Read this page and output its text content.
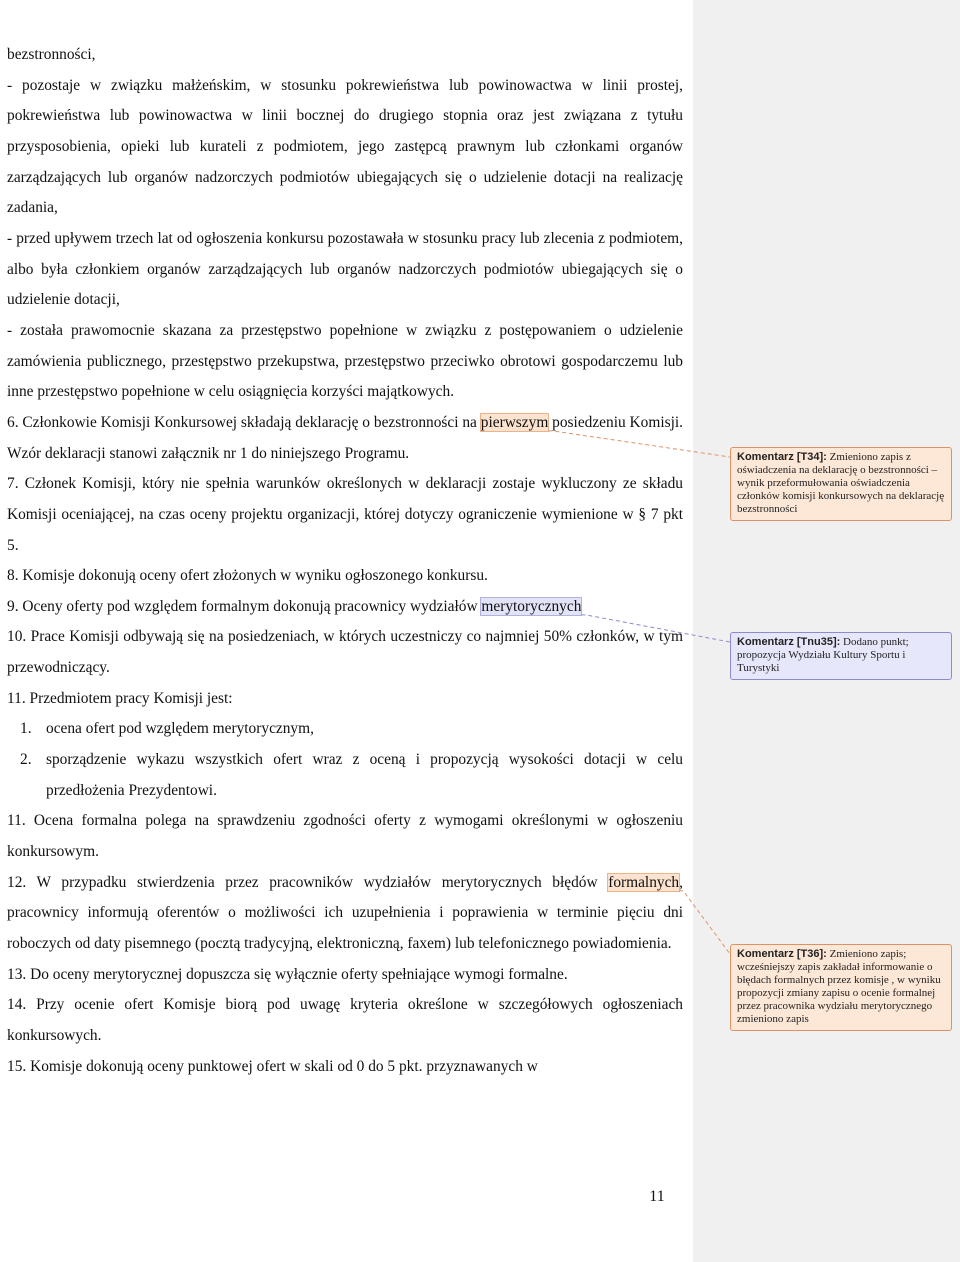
bezstronności,

- pozostaje w związku małżeńskim, w stosunku pokrewieństwa lub powinowactwa w linii prostej, pokrewieństwa lub powinowactwa w linii bocznej do drugiego stopnia oraz jest związana z tytułu przysposobienia, opieki lub kurateli z podmiotem, jego zastępcą prawnym lub członkami organów zarządzających lub organów nadzorczych podmiotów ubiegających się o udzielenie dotacji na realizację zadania,

- przed upływem trzech lat od ogłoszenia konkursu pozostawała w stosunku pracy lub zlecenia z podmiotem, albo była członkiem organów zarządzających lub organów nadzorczych podmiotów ubiegających się o udzielenie dotacji,

- została prawomocnie skazana za przestępstwo popełnione w związku z postępowaniem o udzielenie zamówienia publicznego, przestępstwo przekupstwa, przestępstwo przeciwko obrotowi gospodarczemu lub inne przestępstwo popełnione w celu osiągnięcia korzyści majątkowych.

6. Członkowie Komisji Konkursowej składają deklarację o bezstronności na pierwszym posiedzeniu Komisji. Wzór deklaracji stanowi załącznik nr 1 do niniejszego Programu.

7. Członek Komisji, który nie spełnia warunków określonych w deklaracji zostaje wykluczony ze składu Komisji oceniającej, na czas oceny projektu organizacji, której dotyczy ograniczenie wymienione w § 7 pkt 5.

8. Komisje dokonują oceny ofert złożonych w wyniku ogłoszonego konkursu.

9. Oceny oferty pod względem formalnym dokonują pracownicy wydziałów merytorycznych

10. Prace Komisji odbywają się na posiedzeniach, w których uczestniczy co najmniej 50% członków, w tym przewodniczący.

11. Przedmiotem pracy Komisji jest:

1. ocena ofert pod względem merytorycznym,

2. sporządzenie wykazu wszystkich ofert wraz z oceną i propozycją wysokości dotacji w celu przedłożenia Prezydentowi.

11. Ocena formalna polega na sprawdzeniu zgodności oferty z wymogami określonymi w ogłoszeniu konkursowym.

12. W przypadku stwierdzenia przez pracowników wydziałów merytorycznych błędów formalnych, pracownicy informują oferentów o możliwości ich uzupełnienia i poprawienia w terminie pięciu dni roboczych od daty pisemnego (pocztą tradycyjną, elektroniczną, faxem) lub telefonicznego powiadomienia.

13. Do oceny merytorycznej dopuszcza się wyłącznie oferty spełniające wymogi formalne.

14. Przy ocenie ofert Komisje biorą pod uwagę kryteria określone w szczegółowych ogłoszeniach konkursowych.

15. Komisje dokonują oceny punktowej ofert w skali od 0 do 5 pkt. przyznawanych w

Komentarz [T34]: Zmieniono zapis z oświadczenia na deklarację o bezstronności – wynik przeformułowania oświadczenia członków komisji konkursowych na deklarację bezstronności
Komentarz [Tnu35]: Dodano punkt; propozycja Wydziału Kultury Sportu i Turystyki
Komentarz [T36]: Zmieniono zapis; wcześniejszy zapis zakładał informowanie o błędach formalnych przez komisje , w wyniku propozycji zmiany zapisu o ocenie formalnej przez pracownika wydziału merytorycznego zmieniono zapis
11
